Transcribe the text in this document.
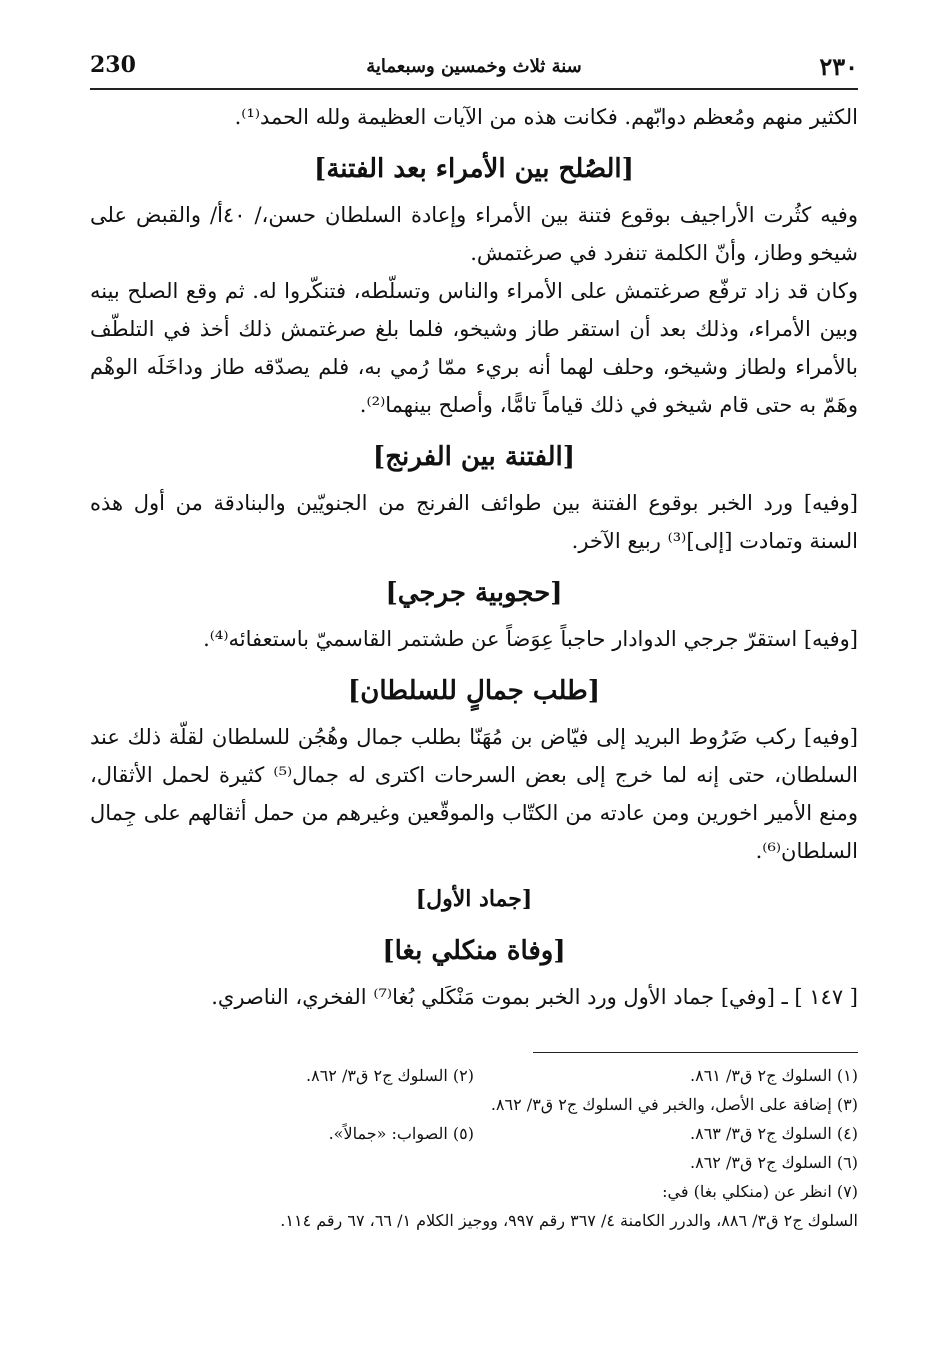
٢٣٠
سنة ثلاث وخمسين وسبعماية
230

الكثير منهم ومُعظم دوابّهم. فكانت هذه من الآيات العظيمة ولله الحمد⁽¹⁾.

[الصُلح بين الأمراء بعد الفتنة]

وفيه كثُرت الأراجيف بوقوع فتنة بين الأمراء وإعادة السلطان حسن،/ ٤٠أ/ والقبض على شيخو وطاز، وأنّ الكلمة تنفرد في صرغتمش.

وكان قد زاد ترفّع صرغتمش على الأمراء والناس وتسلّطه، فتنكّروا له. ثم وقع الصلح بينه وبين الأمراء، وذلك بعد أن استقر طاز وشيخو، فلما بلغ صرغتمش ذلك أخذ في التلطّف بالأمراء ولطاز وشيخو، وحلف لهما أنه بريء ممّا رُمي به، فلم يصدّقه طاز وداخَلَه الوهْم وهَمّ به حتى قام شيخو في ذلك قياماً تامًّا، وأصلح بينهما⁽²⁾.

[الفتنة بين الفرنج]

[وفيه] ورد الخبر بوقوع الفتنة بين طوائف الفرنج من الجنويّين والبنادقة من أول هذه السنة وتمادت [إلى]⁽³⁾ ربيع الآخر.

[حجوبية جرجي]

[وفيه] استقرّ جرجي الدوادار حاجباً عِوَضاً عن طشتمر القاسميّ باستعفائه⁽⁴⁾.

[طلب جمالٍ للسلطان]

[وفيه] ركب ضَرُوط البريد إلى فيّاض بن مُهَنّا بطلب جمال وهُجُن للسلطان لقلّة ذلك عند السلطان، حتى إنه لما خرج إلى بعض السرحات اكترى له جمال⁽⁵⁾ كثيرة لحمل الأثقال، ومنع الأمير اخورين ومن عادته من الكتّاب والموقّعين وغيرهم من حمل أثقالهم على جِمال السلطان⁽⁶⁾.

[جماد الأول]
[وفاة منكلي بغا]

[ ١٤٧ ] ـ [وفي] جماد الأول ورد الخبر بموت مَنْكَلي بُغا⁽⁷⁾ الفخري، الناصري.

(١) السلوك ج٢ ق٣/ ٨٦١.
(٢) السلوك ج٢ ق٣/ ٨٦٢.
(٣) إضافة على الأصل، والخبر في السلوك ج٢ ق٣/ ٨٦٢.
(٤) السلوك ج٢ ق٣/ ٨٦٣.
(٥) الصواب: «جمالاً».
(٦) السلوك ج٢ ق٣/ ٨٦٢.
(٧) انظر عن (منكلي بغا) في:
السلوك ج٢ ق٣/ ٨٨٦، والدرر الكامنة ٤/ ٣٦٧ رقم ٩٩٧، ووجيز الكلام ١/ ٦٦، ٦٧ رقم ١١٤.
